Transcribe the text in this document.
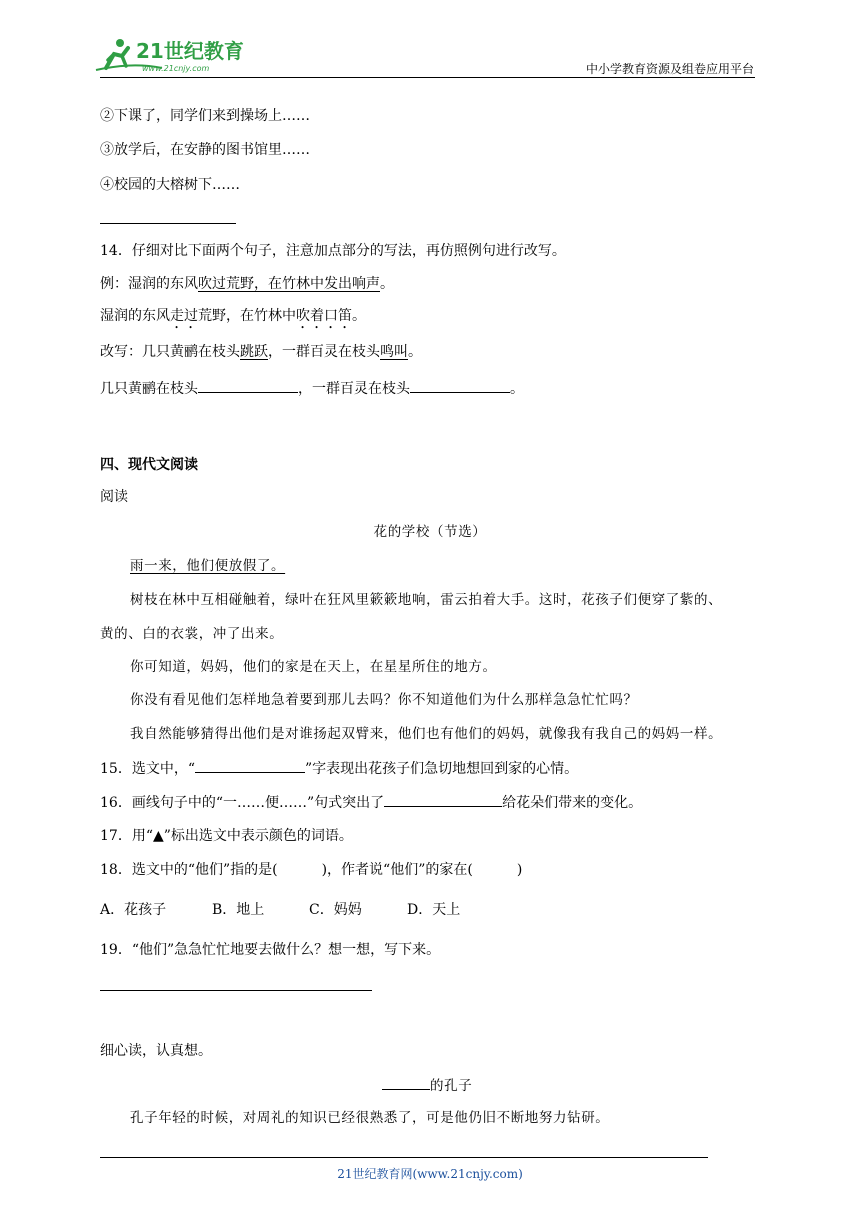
21世纪教育
www.21cnjy.com	中小学教育资源及组卷应用平台
②下课了，同学们来到操场上……
③放学后，在安静的图书馆里……
④校园的大榕树下……
14．仔细对比下面两个句子，注意加点部分的写法，再仿照例句进行改写。
例：湿润的东风吹过荒野，在竹林中发出响声。
湿润的东风走过荒野，在竹林中吹着口笛。
改写：几只黄鹂在枝头跳跃，一群百灵在枝头鸣叫。
几只黄鹂在枝头	，一群百灵在枝头	。
四、现代文阅读
阅读
花的学校（节选）
雨一来，他们便放假了。
树枝在林中互相碰触着，绿叶在狂风里簌簌地响，雷云拍着大手。这时，花孩子们便穿了紫的、
黄的、白的衣裳，冲了出来。
你可知道，妈妈，他们的家是在天上，在星星所住的地方。
你没有看见他们怎样地急着要到那儿去吗？你不知道他们为什么那样急急忙忙吗？
我自然能够猜得出他们是对谁扬起双臂来，他们也有他们的妈妈，就像我有我自己的妈妈一样。
15．选文中，“	”字表现出花孩子们急切地想回到家的心情。
16．画线句子中的“一……便……”句式突出了	给花朵们带来的变化。
17．用“▲”标出选文中表示颜色的词语。
18．选文中的“他们”指的是(	)，作者说“他们”的家在(	)
A．花孩子	B．地上	C．妈妈	D．天上
19．“他们”急急忙忙地要去做什么？想一想，写下来。
细心读，认真想。
的孔子
孔子年轻的时候，对周礼的知识已经很熟悉了，可是他仍旧不断地努力钻研。
21世纪教育网(www.21cnjy.com)
